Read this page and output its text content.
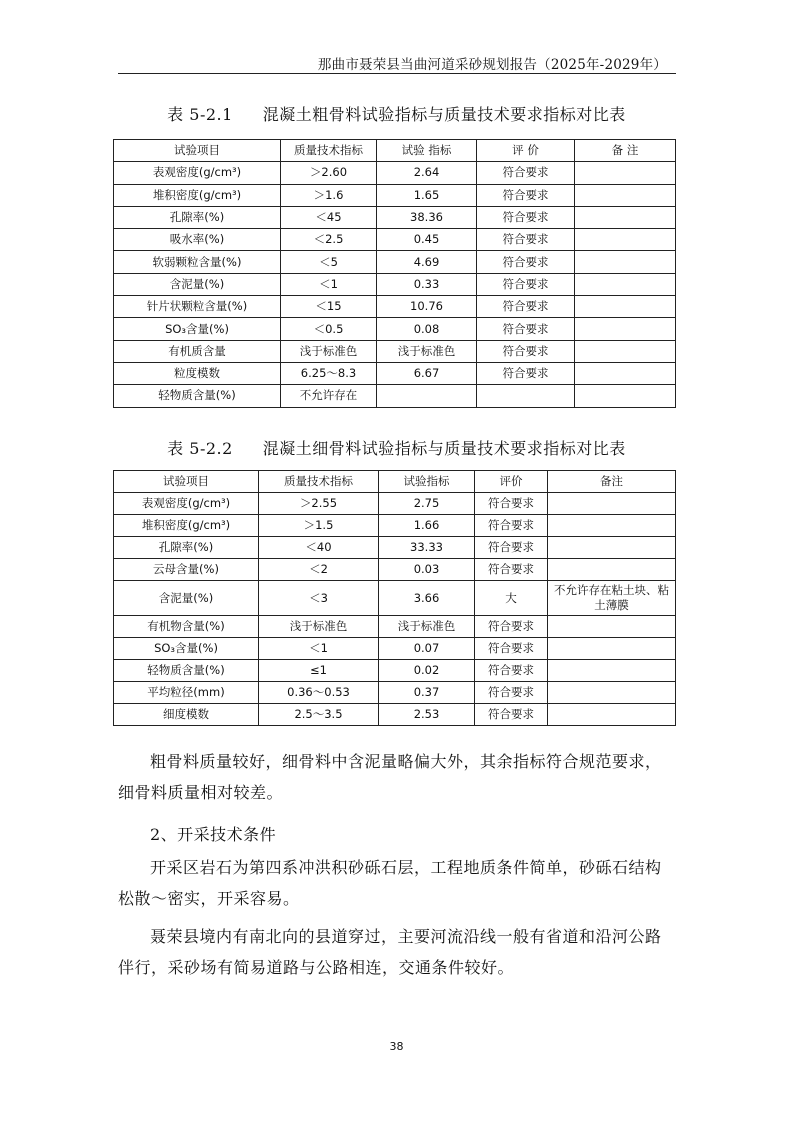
那曲市聂荣县当曲河道采砂规划报告（2025年-2029年）
表 5-2.1 混凝土粗骨料试验指标与质量技术要求指标对比表
试验项目	质量技术指标	试验 指标	评 价	备 注
表观密度(g/cm³)	＞2.60	2.64	符合要求	
堆积密度(g/cm³)	＞1.6	1.65	符合要求	
孔隙率(%)	＜45	38.36	符合要求	
吸水率(%)	＜2.5	0.45	符合要求	
软弱颗粒含量(%)	＜5	4.69	符合要求	
含泥量(%)	＜1	0.33	符合要求	
针片状颗粒含量(%)	＜15	10.76	符合要求	
SO₃含量(%)	＜0.5	0.08	符合要求	
有机质含量	浅于标准色	浅于标准色	符合要求	
粒度模数	6.25～8.3	6.67	符合要求	
轻物质含量(%)	不允许存在			
表 5-2.2 混凝土细骨料试验指标与质量技术要求指标对比表
试验项目	质量技术指标	试验指标	评价	备注
表观密度(g/cm³)	＞2.55	2.75	符合要求	
堆积密度(g/cm³)	＞1.5	1.66	符合要求	
孔隙率(%)	＜40	33.33	符合要求	
云母含量(%)	＜2	0.03	符合要求	
含泥量(%)	＜3	3.66	大	不允许存在粘土块、粘土薄膜
有机物含量(%)	浅于标准色	浅于标准色	符合要求	
SO₃含量(%)	＜1	0.07	符合要求	
轻物质含量(%)	≤1	0.02	符合要求	
平均粒径(mm)	0.36～0.53	0.37	符合要求	
细度模数	2.5～3.5	2.53	符合要求	
粗骨料质量较好，细骨料中含泥量略偏大外，其余指标符合规范要求，细骨料质量相对较差。
2、开采技术条件
开采区岩石为第四系冲洪积砂砾石层，工程地质条件简单，砂砾石结构松散～密实，开采容易。
聂荣县境内有南北向的县道穿过，主要河流沿线一般有省道和沿河公路伴行，采砂场有简易道路与公路相连，交通条件较好。
38
